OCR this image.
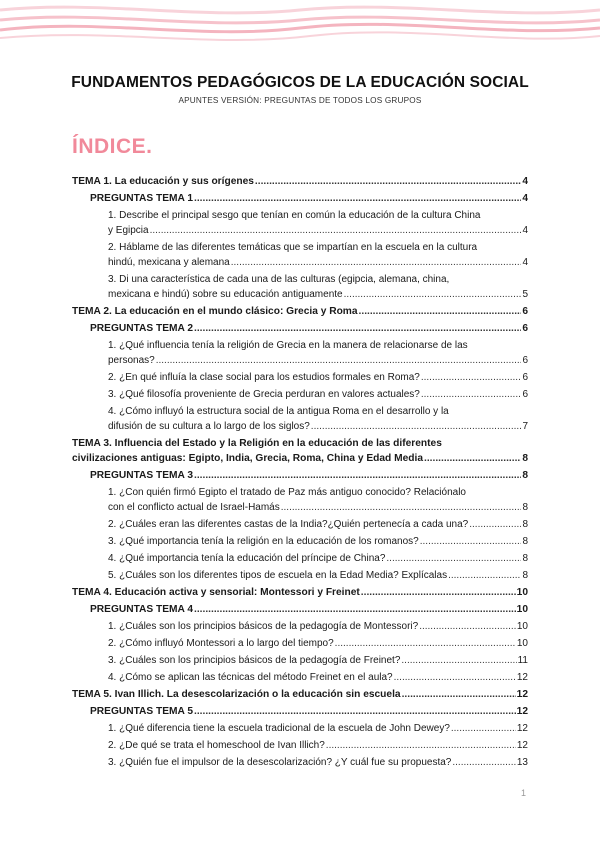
FUNDAMENTOS PEDAGÓGICOS DE LA EDUCACIÓN SOCIAL
APUNTES VERSIÓN: PREGUNTAS DE TODOS LOS GRUPOS
ÍNDICE.
TEMA 1. La educación y sus orígenes .....	4
PREGUNTAS TEMA 1 .....	4
1. Describe el principal sesgo que tenían en común la educación de la cultura China
y Egipcia .....	4
2. Háblame de las diferentes temáticas que se impartían en la escuela en la cultura
hindú, mexicana y alemana .....	4
3. Di una característica de cada una de las culturas (egipcia, alemana, china,
mexicana e hindú) sobre su educación antiguamente .....	5
TEMA 2. La educación en el mundo clásico: Grecia y Roma .....	6
PREGUNTAS TEMA 2 .....	6
1. ¿Qué influencia tenía la religión de Grecia en la manera de relacionarse de las
personas? .....	6
2. ¿En qué influía la clase social para los estudios formales en Roma? .....	6
3. ¿Qué filosofía proveniente de Grecia perduran en valores actuales? .....	6
4. ¿Cómo influyó la estructura social de la antigua Roma en el desarrollo y la
difusión de su cultura a lo largo de los siglos? .....	7
TEMA 3. Influencia del Estado y la Religión en la educación de las diferentes
civilizaciones antiguas: Egipto, India, Grecia, Roma, China y Edad Media .....	8
PREGUNTAS TEMA 3 .....	8
1. ¿Con quién firmó Egipto el tratado de Paz más antiguo conocido? Relaciónalo
con el conflicto actual de Israel-Hamás .....	8
2. ¿Cuáles eran las diferentes castas de la India?¿Quién pertenecía a cada una? .....	8
3. ¿Qué importancia tenía la religión en la educación de los romanos? .....	8
4. ¿Qué importancia tenía la educación del príncipe de China? .....	8
5. ¿Cuáles son los diferentes tipos de escuela en la Edad Media? Explícalas .....	8
TEMA 4. Educación activa y sensorial: Montessori y Freinet .....	10
PREGUNTAS TEMA 4 .....	10
1. ¿Cuáles son los principios básicos de la pedagogía de Montessori? .....	10
2. ¿Cómo influyó Montessori a lo largo del tiempo? .....	10
3. ¿Cuáles son los principios básicos de la pedagogía de Freinet? .....	11
4. ¿Cómo se aplican las técnicas del método Freinet en el aula? .....	12
TEMA 5. Ivan Illich. La desescolarización o la educación sin escuela .....	12
PREGUNTAS TEMA 5 .....	12
1. ¿Qué diferencia tiene la escuela tradicional de la escuela de John Dewey? .....	12
2. ¿De qué se trata el homeschool de Ivan Illich? .....	12
3. ¿Quién fue el impulsor de la desescolarización? ¿Y cuál fue su propuesta? .....	13
1
